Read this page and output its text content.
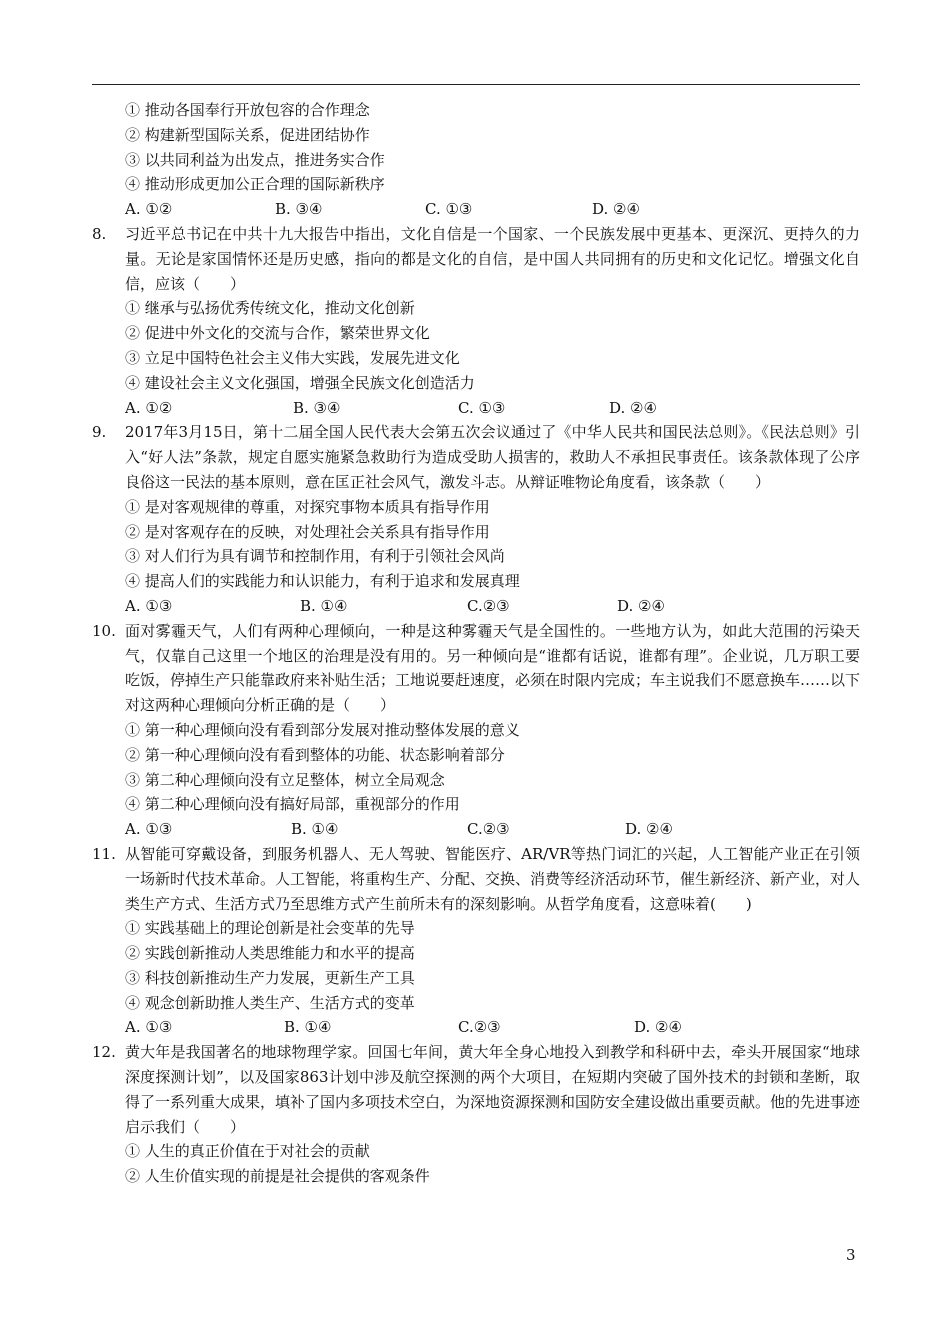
① 推动各国奉行开放包容的合作理念
② 构建新型国际关系，促进团结协作
③ 以共同利益为出发点，推进务实合作
④ 推动形成更加公正合理的国际新秩序
A. ①②	B. ③④	C. ①③	D. ②④
8. 习近平总书记在中共十九大报告中指出，文化自信是一个国家、一个民族发展中更基本、更深沉、更持久的力量。无论是家国情怀还是历史感，指向的都是文化的自信，是中国人共同拥有的历史和文化记忆。增强文化自信，应该（　　）
① 继承与弘扬优秀传统文化，推动文化创新
② 促进中外文化的交流与合作，繁荣世界文化
③ 立足中国特色社会主义伟大实践，发展先进文化
④ 建设社会主义文化强国，增强全民族文化创造活力
A. ①②	B. ③④	C. ①③	D. ②④
9. 2017年3月15日，第十二届全国人民代表大会第五次会议通过了《中华人民共和国民法总则》。《民法总则》引入“好人法”条款，规定自愿实施紧急救助行为造成受助人损害的，救助人不承担民事责任。该条款体现了公序良俗这一民法的基本原则，意在匡正社会风气，激发斗志。从辩证唯物论角度看，该条款（　　）
① 是对客观规律的尊重，对探究事物本质具有指导作用
② 是对客观存在的反映，对处理社会关系具有指导作用
③ 对人们行为具有调节和控制作用，有利于引领社会风尚
④ 提高人们的实践能力和认识能力，有利于追求和发展真理
A. ①③	B. ①④	C.②③	D. ②④
10. 面对雾霾天气，人们有两种心理倾向，一种是这种雾霾天气是全国性的。一些地方认为，如此大范围的污染天气，仅靠自己这里一个地区的治理是没有用的。另一种倾向是“谁都有话说，谁都有理”。企业说，几万职工要吃饭，停掉生产只能靠政府来补贴生活；工地说要赶速度，必须在时限内完成；车主说我们不愿意换车……以下对这两种心理倾向分析正确的是（　　）
① 第一种心理倾向没有看到部分发展对推动整体发展的意义
② 第一种心理倾向没有看到整体的功能、状态影响着部分
③ 第二种心理倾向没有立足整体，树立全局观念
④ 第二种心理倾向没有搞好局部，重视部分的作用
A. ①③	B. ①④	C.②③	D. ②④
11. 从智能可穿戴设备，到服务机器人、无人驾驶、智能医疗、AR/VR等热门词汇的兴起，人工智能产业正在引领一场新时代技术革命。人工智能，将重构生产、分配、交换、消费等经济活动环节，催生新经济、新产业，对人类生产方式、生活方式乃至思维方式产生前所未有的深刻影响。从哲学角度看，这意味着(　　)
① 实践基础上的理论创新是社会变革的先导
② 实践创新推动人类思维能力和水平的提高
③ 科技创新推动生产力发展，更新生产工具
④ 观念创新助推人类生产、生活方式的变革
A. ①③	B. ①④	C.②③	D. ②④
12. 黄大年是我国著名的地球物理学家。回国七年间，黄大年全身心地投入到教学和科研中去，牵头开展国家“地球深度探测计划”，以及国家863计划中涉及航空探测的两个大项目，在短期内突破了国外技术的封锁和垄断，取得了一系列重大成果，填补了国内多项技术空白，为深地资源探测和国防安全建设做出重要贡献。他的先进事迹启示我们（　　）
① 人生的真正价值在于对社会的贡献
② 人生价值实现的前提是社会提供的客观条件
3
